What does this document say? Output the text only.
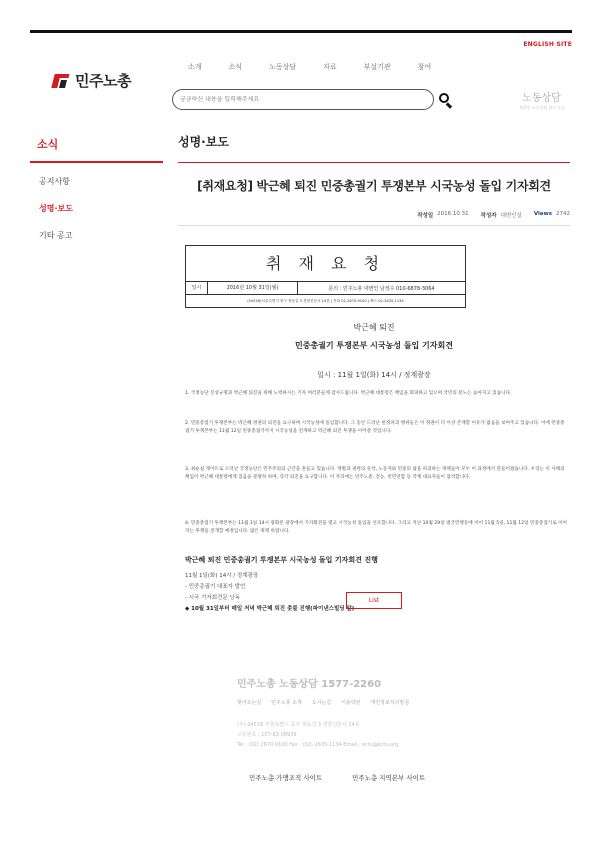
ENGLISH SITE
민주노총
소개	소식	노동상담	자료	부설기관	참여
궁금하신 내용을 입력해주세요
노동상담
온라인 노동상담 바로가기
소식
공지사항
성명·보도
기타 공고
성명·보도
[취재요청] 박근혜 퇴진 민중총궐기 투쟁본부 시국농성 돌입 기자회견
작성일 2016.10.31 작성자 대변인실 Views 2742
취 재 요 청
일시	2016년 10월 31일(월)	문의 : 민주노총 대변인 남정수 010-6878-3064
(04518)서울특별시 중구 정동길 3 경향신문사 14층 | 전화 02-2670-9100 | 팩스 02-2635-1134
박근혜 퇴진
민중총궐기 투쟁본부 시국농성 돌입 기자회견
일시 : 11월 1일(화) 14시 / 정계광장

1. 국정농단 진상규명과 박근혜 퇴진을 위해 노력하시는 기자 여러분들께 감사드립니다. 박근혜 대통령은 책임을 회피하고 있으며 국민의 분노는 높아지고 있습니다.

2. 민중총궐기 투쟁본부는 박근혜 정권의 퇴진을 요구하며 시국농성에 돌입합니다. 그 동안 드러난 헌정파괴 행위들은 이 정권이 더 이상 존재할 이유가 없음을 보여주고 있습니다. 이에 민중총궐기 투쟁본부는 11월 12일 민중총궐기까지 시국농성을 전개하고 박근혜 퇴진 투쟁을 이어갈 것입니다.

3. 최순실 게이트로 드러난 국정농단은 민주주의의 근간을 흔들고 있습니다. 재벌과 권력의 유착, 노동자와 민중의 삶을 파괴하는 정책들이 모두 이 과정에서 만들어졌습니다. 우리는 이 사태의 책임이 박근혜 대통령에게 있음을 분명히 하며, 즉각 퇴진을 요구합니다. 이 자리에는 민주노총, 전농, 빈민연합 등 각계 대표자들이 참석합니다.

4. 민중총궐기 투쟁본부는 11월 1일 14시 광화문 광장에서 기자회견을 열고 시국농성 돌입을 선포합니다. 그리고 지난 10월 29일 범국민행동에 이어 11월 5일, 11월 12일 민중총궐기로 이어지는 투쟁을 전개할 예정입니다. 많은 취재 바랍니다.

박근혜 퇴진 민중총궐기 투쟁본부 시국농성 돌입 기자회견 진행
11월 1일(화) 14시 / 정계광장
- 민중총궐기 대표자 발언
- 시국 기자회견문 낭독
◆ 10월 31일부터 매일 저녁 박근혜 퇴진 촛불 진행(파이낸스빌딩 앞)
List
민주노총 노동상담 1577-2260
찾아오는길 민주노총 소개 오시는길 이용약관 개인정보처리방침
(우) 04518 서울특별시 중구 정동길 3 경향신문사 14층
고유번호 : 107-82-08939
Tel : (02) 2670-9100 Fax : (02) 2635-1134 Email : kctu@kctu.org
민주노총 가맹조직 사이트	민주노총 지역본부 사이트
